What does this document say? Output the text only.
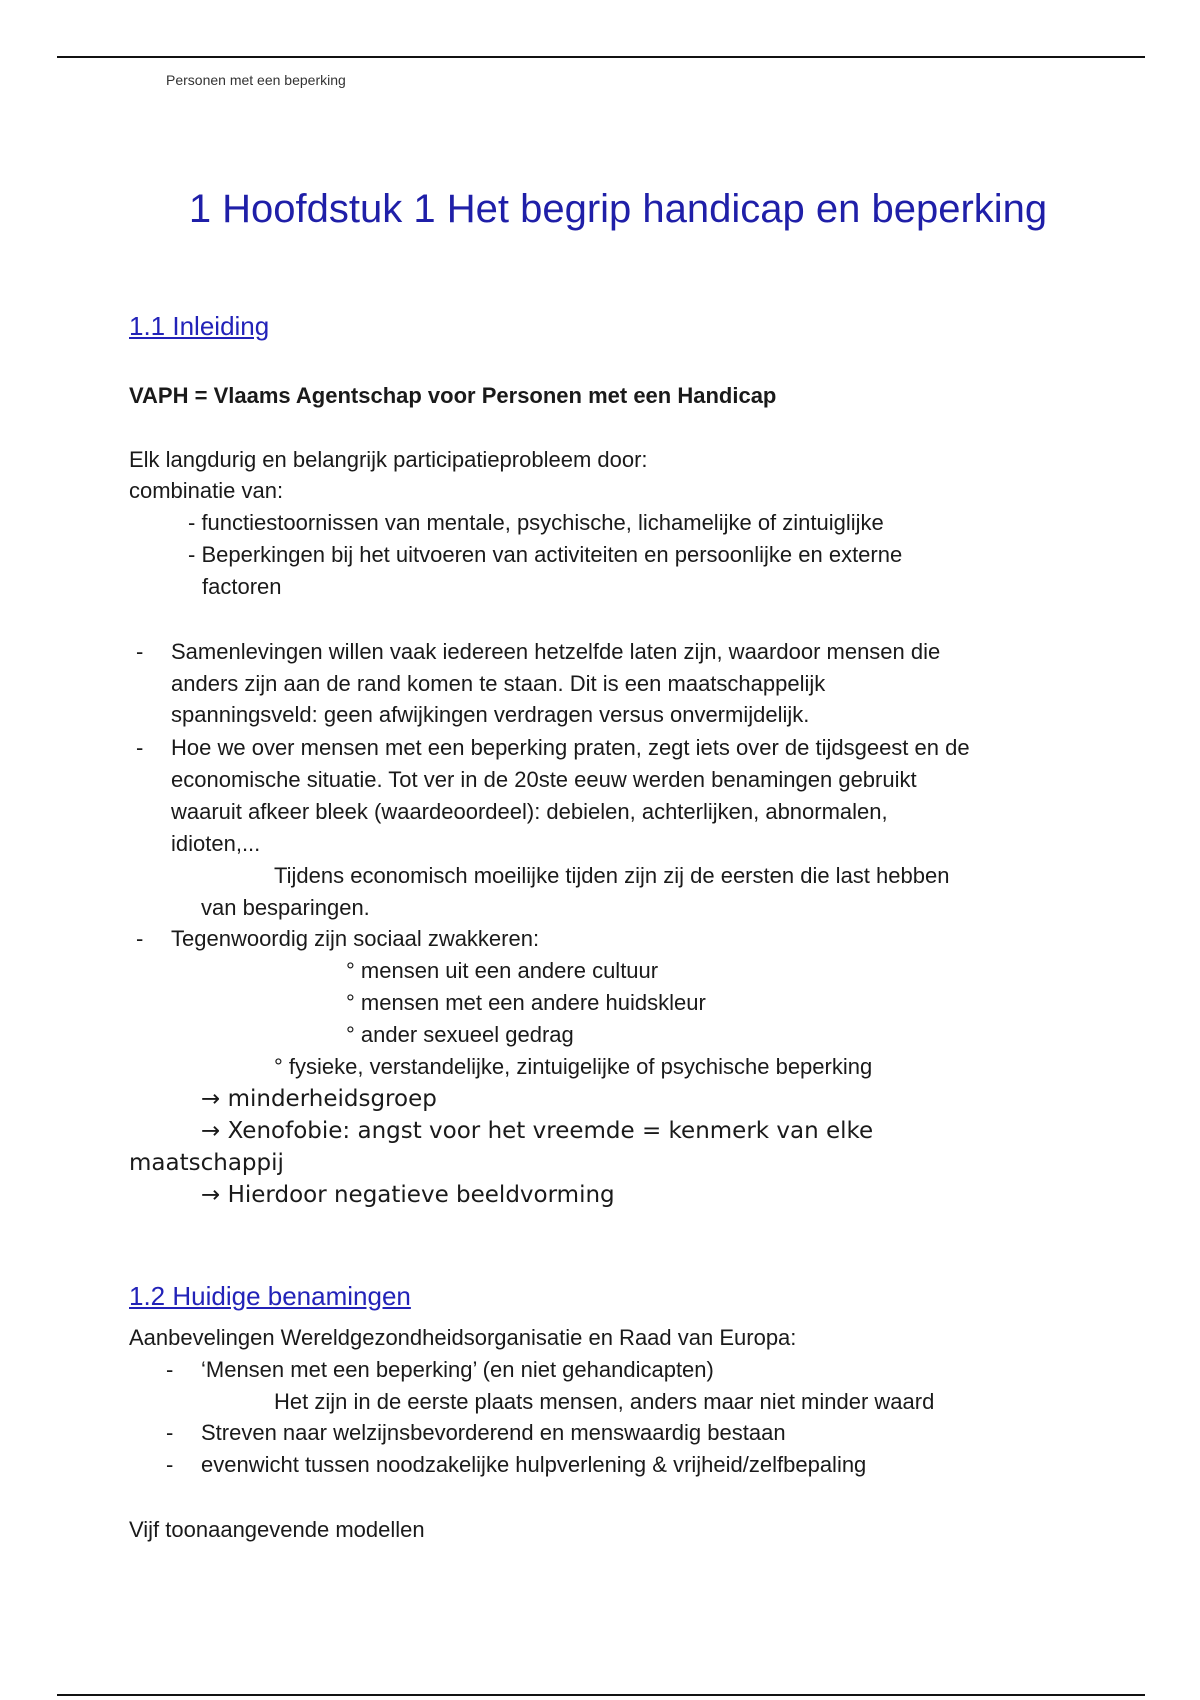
Personen met een beperking
1 Hoofdstuk 1 Het begrip handicap en beperking
1.1 Inleiding
VAPH = Vlaams Agentschap voor Personen met een Handicap
Elk langdurig en belangrijk participatieprobleem door:
combinatie van:
- functiestoornissen van mentale, psychische, lichamelijke of zintuiglijke
- Beperkingen bij het uitvoeren van activiteiten en persoonlijke en externe
factoren
- Samenlevingen willen vaak iedereen hetzelfde laten zijn, waardoor mensen die
anders zijn aan de rand komen te staan. Dit is een maatschappelijk
spanningsveld: geen afwijkingen verdragen versus onvermijdelijk.
- Hoe we over mensen met een beperking praten, zegt iets over de tijdsgeest en de
economische situatie. Tot ver in de 20ste eeuw werden benamingen gebruikt
waaruit afkeer bleek (waardeoordeel): debielen, achterlijken, abnormalen,
idioten,...
Tijdens economisch moeilijke tijden zijn zij de eersten die last hebben
van besparingen.
- Tegenwoordig zijn sociaal zwakkeren:
° mensen uit een andere cultuur
° mensen met een andere huidskleur
° ander sexueel gedrag
° fysieke, verstandelijke, zintuigelijke of psychische beperking
→ minderheidsgroep
→ Xenofobie: angst voor het vreemde = kenmerk van elke
maatschappij
→ Hierdoor negatieve beeldvorming
1.2 Huidige benamingen
Aanbevelingen Wereldgezondheidsorganisatie en Raad van Europa:
- ‘Mensen met een beperking’ (en niet gehandicapten)
Het zijn in de eerste plaats mensen, anders maar niet minder waard
- Streven naar welzijnsbevorderend en menswaardig bestaan
- evenwicht tussen noodzakelijke hulpverlening & vrijheid/zelfbepaling
Vijf toonaangevende modellen
